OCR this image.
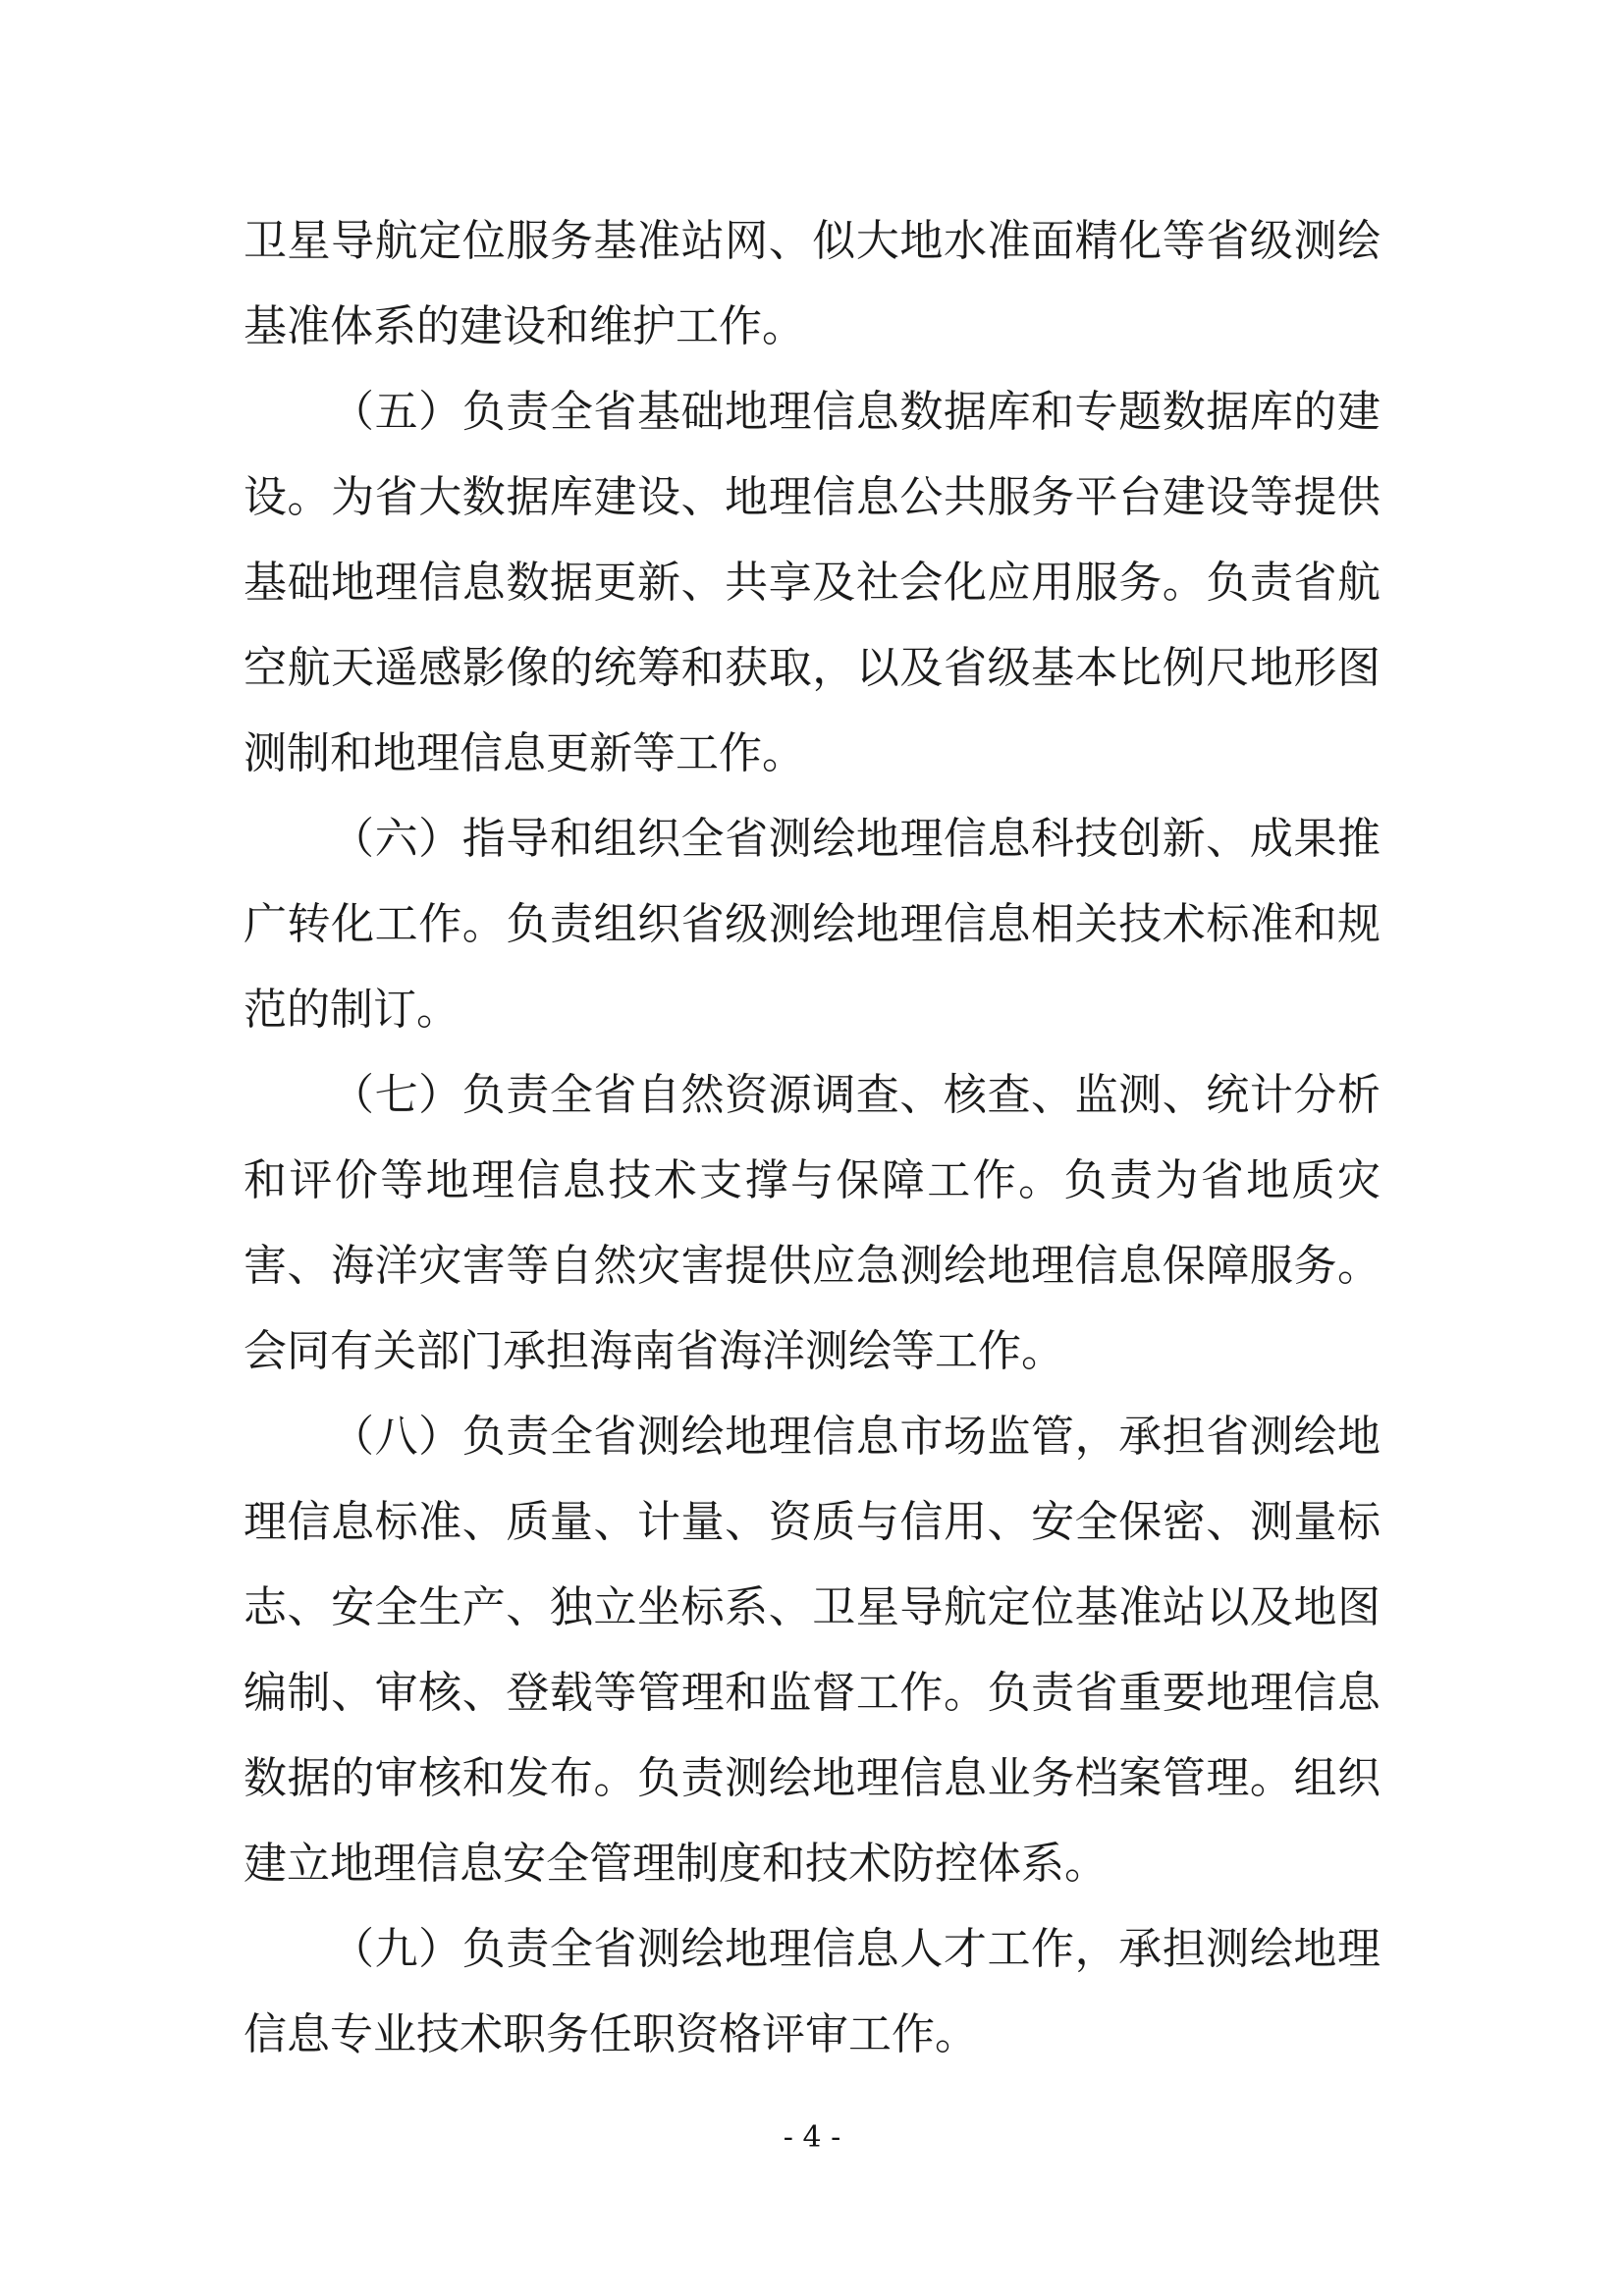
卫星导航定位服务基准站网、似大地水准面精化等省级测绘
基准体系的建设和维护工作。
（五）负责全省基础地理信息数据库和专题数据库的建
设。为省大数据库建设、地理信息公共服务平台建设等提供
基础地理信息数据更新、共享及社会化应用服务。负责省航
空航天遥感影像的统筹和获取，以及省级基本比例尺地形图
测制和地理信息更新等工作。
（六）指导和组织全省测绘地理信息科技创新、成果推
广转化工作。负责组织省级测绘地理信息相关技术标准和规
范的制订。
（七）负责全省自然资源调查、核查、监测、统计分析
和评价等地理信息技术支撑与保障工作。负责为省地质灾
害、海洋灾害等自然灾害提供应急测绘地理信息保障服务。
会同有关部门承担海南省海洋测绘等工作。
（八）负责全省测绘地理信息市场监管，承担省测绘地
理信息标准、质量、计量、资质与信用、安全保密、测量标
志、安全生产、独立坐标系、卫星导航定位基准站以及地图
编制、审核、登载等管理和监督工作。负责省重要地理信息
数据的审核和发布。负责测绘地理信息业务档案管理。组织
建立地理信息安全管理制度和技术防控体系。
（九）负责全省测绘地理信息人才工作，承担测绘地理
信息专业技术职务任职资格评审工作。
- 4 -
